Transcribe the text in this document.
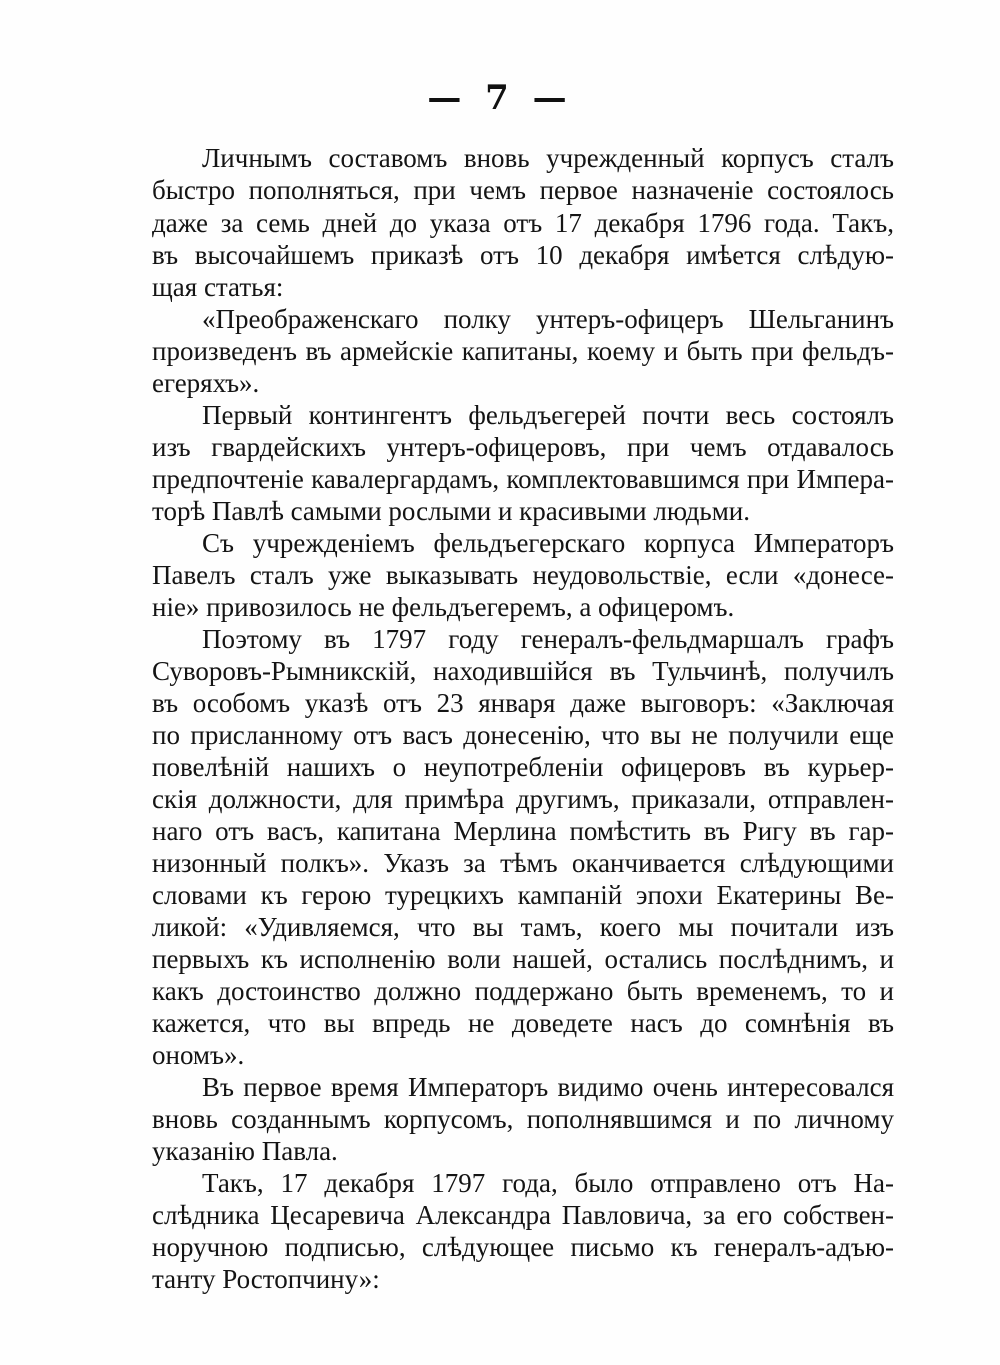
— 7 —
Личнымъ составомъ вновь учрежденный корпусъ сталъ
быстро пополняться, при чемъ первое назначенiе состоялось
даже за семь дней до указа отъ 17 декабря 1796 года. Такъ,
въ высочайшемъ приказѣ отъ 10 декабря имѣется слѣдую-
щая статья:
«Преображенскаго полку унтеръ-офицеръ Шельганинъ
произведенъ въ армейскiе капитаны, коему и быть при фельдъ-
егеряхъ».
Первый контингентъ фельдъегерей почти весь состоялъ
изъ гвардейскихъ унтеръ-офицеровъ, при чемъ отдавалось
предпочтенiе кавалергардамъ, комплектовавшимся при Импера-
торѣ Павлѣ самыми рослыми и красивыми людьми.
Съ учрежденiемъ фельдъегерскаго корпуса Императоръ
Павелъ сталъ уже выказывать неудовольствiе, если «донесе-
нiе» привозилось не фельдъегеремъ, а офицеромъ.
Поэтому въ 1797 году генералъ-фельдмаршалъ графъ
Суворовъ-Рымникскiй, находившiйся въ Тульчинѣ, получилъ
въ особомъ указѣ отъ 23 января даже выговоръ: «Заключая
по присланному отъ васъ донесенiю, что вы не получили еще
повелѣнiй нашихъ о неупотребленiи офицеровъ въ курьер-
скiя должности, для примѣра другимъ, приказали, отправлен-
наго отъ васъ, капитана Мерлина помѣстить въ Ригу въ гар-
низонный полкъ». Указъ за тѣмъ оканчивается слѣдующими
словами къ герою турецкихъ кампанiй эпохи Екатерины Ве-
ликой: «Удивляемся, что вы тамъ, коего мы почитали изъ
первыхъ къ исполненiю воли нашей, остались послѣднимъ, и
какъ достоинство должно поддержано быть временемъ, то и
кажется, что вы впредь не доведете насъ до сомнѣнiя въ
ономъ».
Въ первое время Императоръ видимо очень интересовался
вновь созданнымъ корпусомъ, пополнявшимся и по личному
указанiю Павла.
Такъ, 17 декабря 1797 года, было отправлено отъ На-
слѣдника Цесаревича Александра Павловича, за его собствен-
норучною подписью, слѣдующее письмо къ генералъ-адъю-
танту Ростопчину»:
